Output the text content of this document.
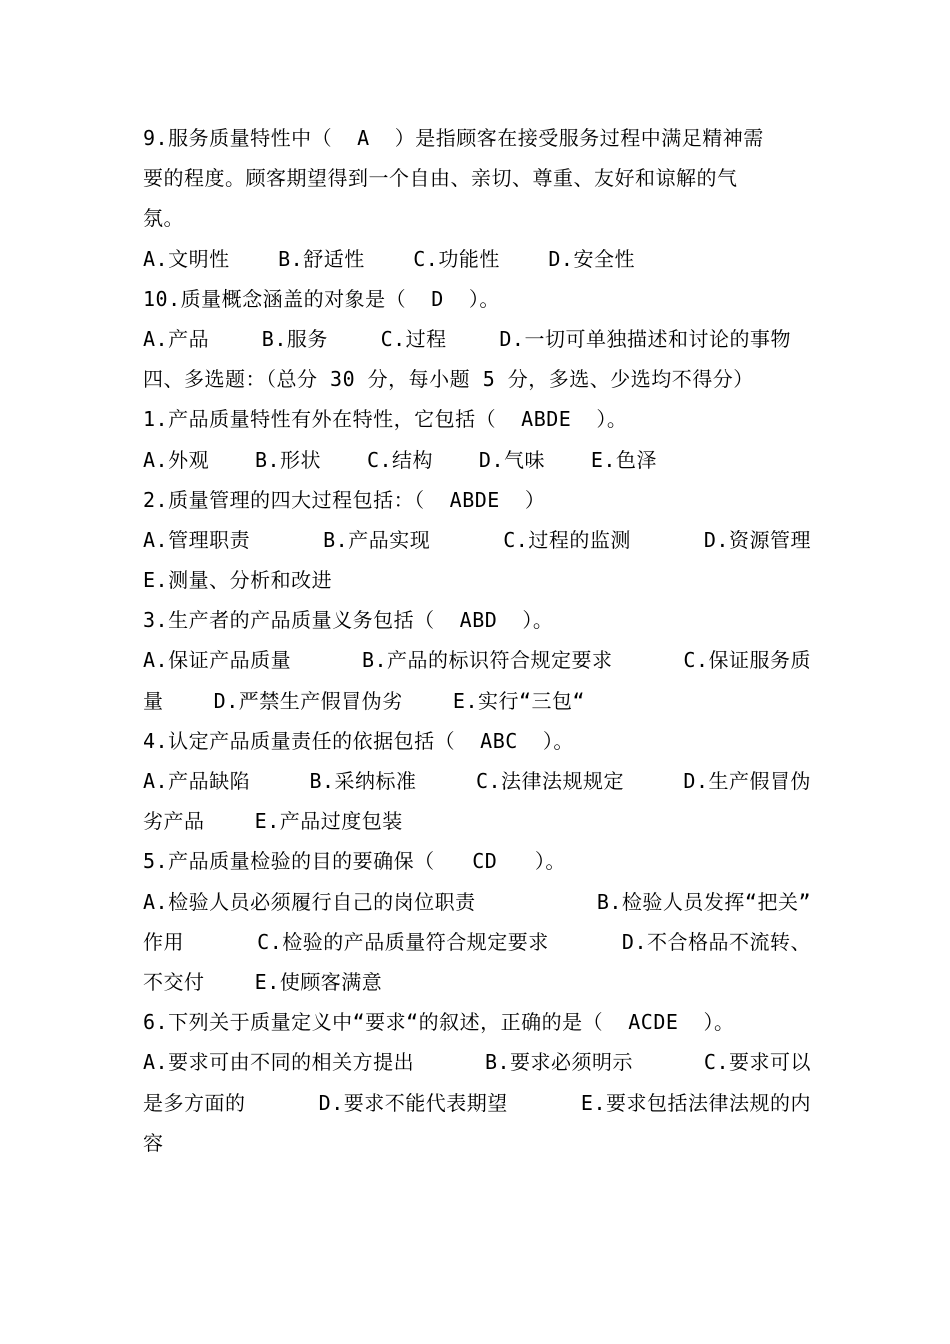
9.服务质量特性中（  A  ）是指顾客在接受服务过程中满足精神需
要的程度。顾客期望得到一个自由、亲切、尊重、友好和谅解的气
氛。
A.文明性 B.舒适性 C.功能性 D.安全性
10.质量概念涵盖的对象是（  D  ）。
A.产品	B.服务	C.过程	D.一切可单独描述和讨论的事物
四、多选题：（总分 30 分，每小题 5 分，多选、少选均不得分）
1.产品质量特性有外在特性，它包括（  ABDE  ）。
A.外观 B.形状 C.结构 D.气味 E.色泽
2.质量管理的四大过程包括：（  ABDE  ）
A.管理职责	B.产品实现	C.过程的监测	D.资源管理
E.测量、分析和改进
3.生产者的产品质量义务包括（  ABD  ）。
A.保证产品质量	B.产品的标识符合规定要求	C.保证服务质
量    D.严禁生产假冒伪劣    E.实行“三包“
4.认定产品质量责任的依据包括（  ABC  ）。
A.产品缺陷	B.采纳标准	C.法律法规规定	D.生产假冒伪
劣产品    E.产品过度包装
5.产品质量检验的目的要确保（   CD   ）。
A.检验人员必须履行自己的岗位职责	B.检验人员发挥“把关”
作用	C.检验的产品质量符合规定要求	D.不合格品不流转、
不交付    E.使顾客满意
6.下列关于质量定义中“要求“的叙述，正确的是（  ACDE  ）。
A.要求可由不同的相关方提出	B.要求必须明示	C.要求可以
是多方面的	D.要求不能代表期望	E.要求包括法律法规的内
容
